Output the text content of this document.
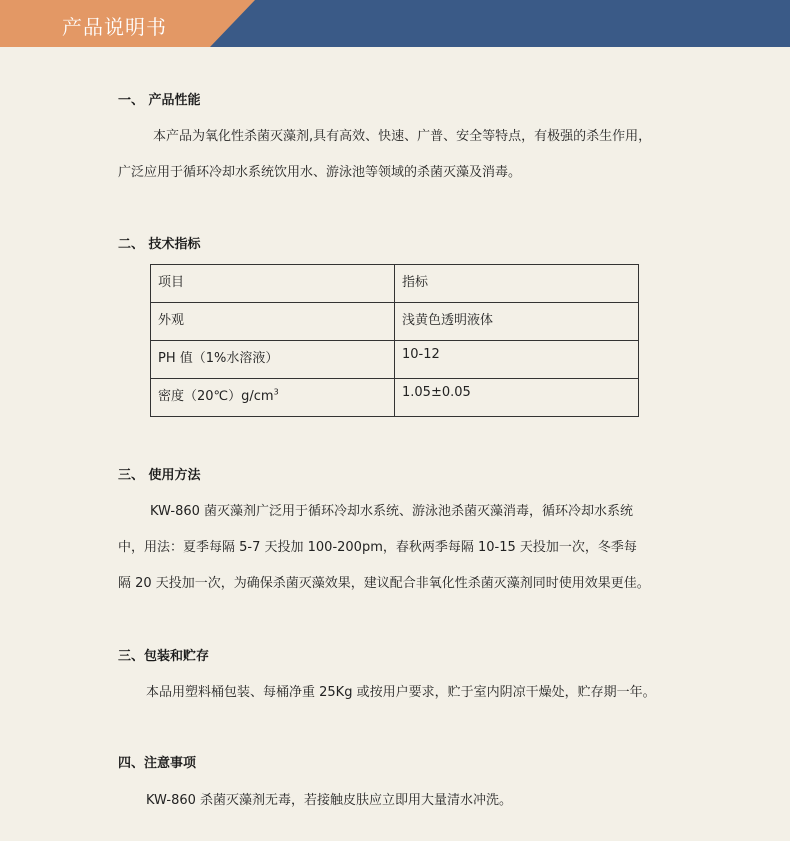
产品说明书
一、 产品性能
本产品为氧化性杀菌灭藻剂,具有高效、快速、广普、安全等特点，有极强的杀生作用，
广泛应用于循环冷却水系统饮用水、游泳池等领域的杀菌灭藻及消毒。
二、 技术指标
项目	指标
外观	浅黄色透明液体
PH 值（1%水溶液）	10-12
密度$(20℃)g/cm^3$	1.05±0.05
三、 使用方法
KW-860 菌灭藻剂广泛用于循环冷却水系统、游泳池杀菌灭藻消毒，循环冷却水系统
中，用法：夏季每隔 5-7 天投加 100-200pm，春秋两季每隔 10-15 天投加一次，冬季每
隔 20 天投加一次，为确保杀菌灭藻效果，建议配合非氧化性杀菌灭藻剂同时使用效果更佳。
三、包装和贮存
本品用塑料桶包装、每桶净重 25Kg 或按用户要求，贮于室内阴凉干燥处，贮存期一年。
四、注意事项
KW-860 杀菌灭藻剂无毒，若接触皮肤应立即用大量清水冲洗。
